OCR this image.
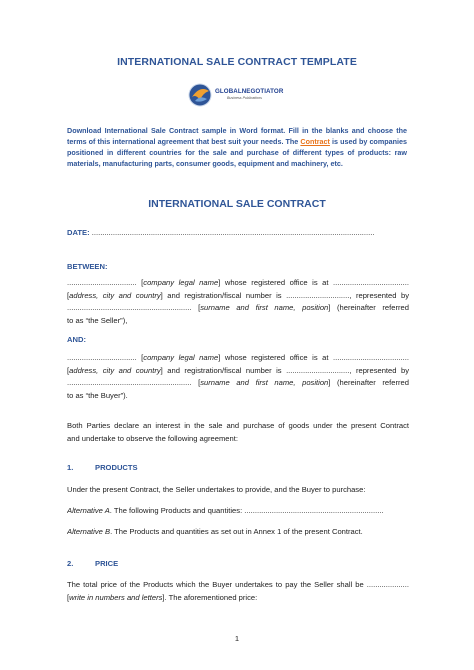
INTERNATIONAL SALE CONTRACT TEMPLATE
GLOBALNEGOTIATOR
Business Publications
Download International Sale Contract sample in Word format. Fill in the blanks and choose the terms of this international agreement that best suit your needs. The Contract is used by companies positioned in different countries for the sale and purchase of different types of products: raw materials, manufacturing parts, consumer goods, equipment and machinery, etc.
INTERNATIONAL SALE CONTRACT
DATE: ......................................................................................................................................
BETWEEN:
................................. [company legal name] whose registered office is at ....................................
[address, city and country] and registration/fiscal number is .............................., represented by
........................................................... [surname and first name, position] (hereinafter referred
to as “the Seller”),
AND:
................................. [company legal name] whose registered office is at ....................................
[address, city and country] and registration/fiscal number is .............................., represented by
........................................................... [surname and first name, position] (hereinafter referred
to as “the Buyer”).
Both Parties declare an interest in the sale and purchase of goods under the present Contract
and undertake to observe the following agreement:
1.	PRODUCTS
Under the present Contract, the Seller undertakes to provide, and the Buyer to purchase:
Alternative A. The following Products and quantities: ..................................................................
Alternative B. The Products and quantities as set out in Annex 1 of the present Contract.
2.	PRICE
The total price of the Products which the Buyer undertakes to pay the Seller shall be ....................
[write in numbers and letters]. The aforementioned price:
1
